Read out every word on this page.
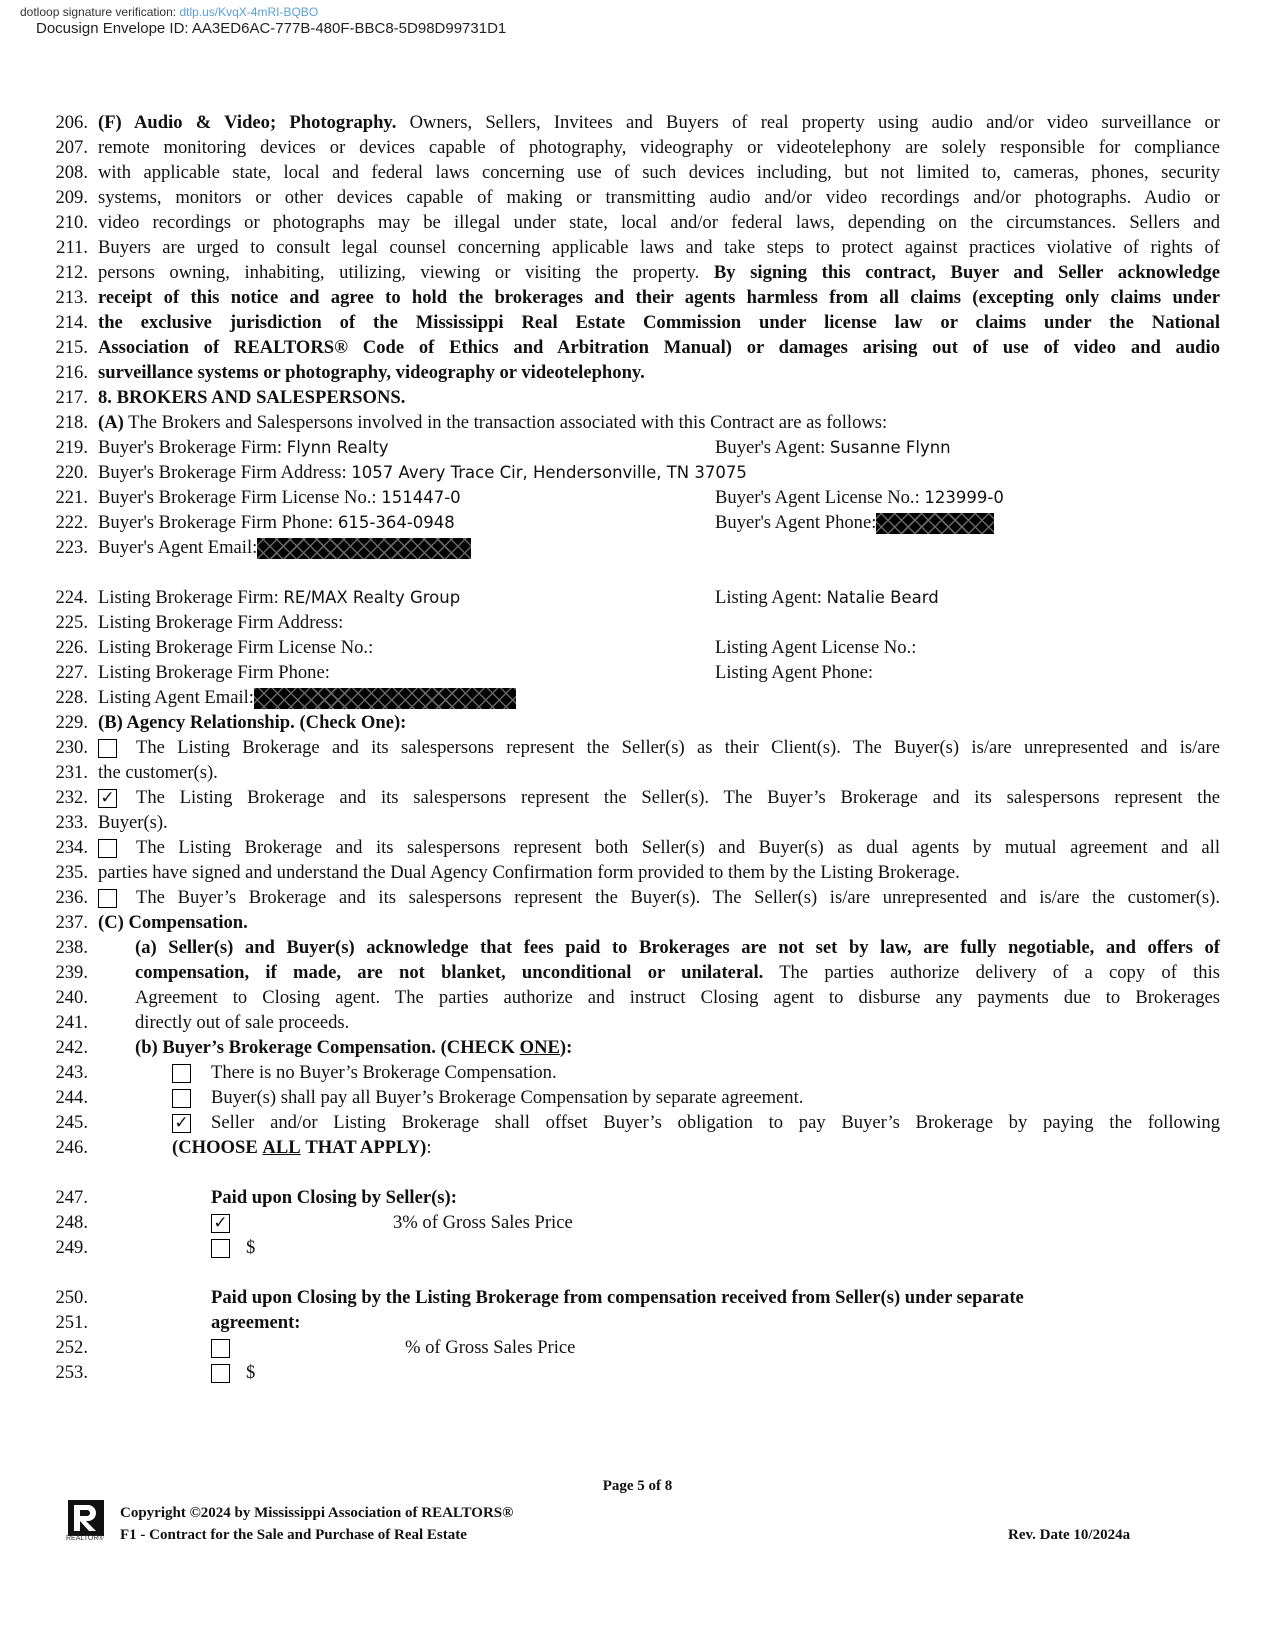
dotloop signature verification: dtlp.us/KvqX-4mRI-BQBO
Docusign Envelope ID: AA3ED6AC-777B-480F-BBC8-5D98D99731D1
206. (F) Audio & Video; Photography. Owners, Sellers, Invitees and Buyers of real property using audio and/or video surveillance or
207. remote monitoring devices or devices capable of photography, videography or videotelephony are solely responsible for compliance
208. with applicable state, local and federal laws concerning use of such devices including, but not limited to, cameras, phones, security
209. systems, monitors or other devices capable of making or transmitting audio and/or video recordings and/or photographs. Audio or
210. video recordings or photographs may be illegal under state, local and/or federal laws, depending on the circumstances. Sellers and
211. Buyers are urged to consult legal counsel concerning applicable laws and take steps to protect against practices violative of rights of
212. persons owning, inhabiting, utilizing, viewing or visiting the property. By signing this contract, Buyer and Seller acknowledge
213. receipt of this notice and agree to hold the brokerages and their agents harmless from all claims (excepting only claims under
214. the exclusive jurisdiction of the Mississippi Real Estate Commission under license law or claims under the National
215. Association of REALTORS® Code of Ethics and Arbitration Manual) or damages arising out of use of video and audio
216. surveillance systems or photography, videography or videotelephony.
217. 8. BROKERS AND SALESPERSONS.
218. (A) The Brokers and Salespersons involved in the transaction associated with this Contract are as follows:
219. Buyer's Brokerage Firm: Flynn Realty	Buyer's Agent: Susanne Flynn
220. Buyer's Brokerage Firm Address: 1057 Avery Trace Cir, Hendersonville, TN 37075
221. Buyer's Brokerage Firm License No.: 151447-0	Buyer's Agent License No.: 123999-0
222. Buyer's Brokerage Firm Phone: 615-364-0948	Buyer's Agent Phone:
223. Buyer's Agent Email:
224. Listing Brokerage Firm: RE/MAX Realty Group	Listing Agent: Natalie Beard
225. Listing Brokerage Firm Address:
226. Listing Brokerage Firm License No.:	Listing Agent License No.:
227. Listing Brokerage Firm Phone:	Listing Agent Phone:
228. Listing Agent Email:
229. (B) Agency Relationship. (Check One):
230.	The Listing Brokerage and its salespersons represent the Seller(s) as their Client(s). The Buyer(s) is/are unrepresented and is/are
231. the customer(s).
232. ✓ The Listing Brokerage and its salespersons represent the Seller(s). The Buyer’s Brokerage and its salespersons represent the
233. Buyer(s).
234.	The Listing Brokerage and its salespersons represent both Seller(s) and Buyer(s) as dual agents by mutual agreement and all
235. parties have signed and understand the Dual Agency Confirmation form provided to them by the Listing Brokerage.
236.	The Buyer’s Brokerage and its salespersons represent the Buyer(s). The Seller(s) is/are unrepresented and is/are the customer(s).
237. (C) Compensation.
238.	(a) Seller(s) and Buyer(s) acknowledge that fees paid to Brokerages are not set by law, are fully negotiable, and offers of
239.	compensation, if made, are not blanket, unconditional or unilateral. The parties authorize delivery of a copy of this
240.	Agreement to Closing agent. The parties authorize and instruct Closing agent to disburse any payments due to Brokerages
241.	directly out of sale proceeds.
242.	(b) Buyer’s Brokerage Compensation. (CHECK ONE):
243.	There is no Buyer’s Brokerage Compensation.
244.	Buyer(s) shall pay all Buyer’s Brokerage Compensation by separate agreement.
245.	✓ Seller and/or Listing Brokerage shall offset Buyer’s obligation to pay Buyer’s Brokerage by paying the following
246.	(CHOOSE ALL THAT APPLY):
247.	Paid upon Closing by Seller(s):
248.	✓	3% of Gross Sales Price
249.	$
250.	Paid upon Closing by the Listing Brokerage from compensation received from Seller(s) under separate
251.	agreement:
252.	% of Gross Sales Price
253.	$
Page 5 of 8
REALTOR®
Copyright ©2024 by Mississippi Association of REALTORS®
F1 - Contract for the Sale and Purchase of Real Estate	Rev. Date 10/2024a
